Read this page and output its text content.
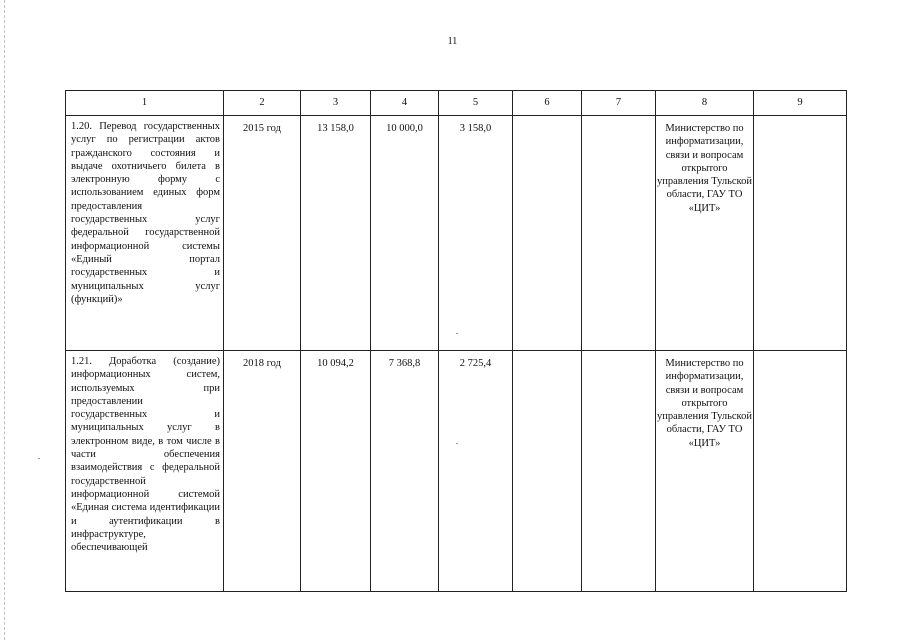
11
1	2	3	4	5	6	7	8	9
1.20. Перевод государственных услуг по регистрации актов гражданского состояния и выдаче охотничьего билета в электронную форму с использованием единых форм предоставления государственных услуг федеральной государственной информационной системы «Единый портал государственных и муниципальных услуг (функций)»	2015 год	13 158,0	10 000,0	3 158,0			Министерство по информатизации, связи и вопросам открытого управления Тульской области, ГАУ ТО «ЦИТ»	
1.21. Доработка (создание) информационных систем, используемых при предоставлении государственных и муниципальных услуг в электронном виде, в том числе в части обеспечения взаимодействия с федеральной государственной информационной системой «Единая система идентификации и аутентификации в инфраструктуре, обеспечивающей	2018 год	10 094,2	7 368,8	2 725,4			Министерство по информатизации, связи и вопросам открытого управления Тульской области, ГАУ ТО «ЦИТ»	
